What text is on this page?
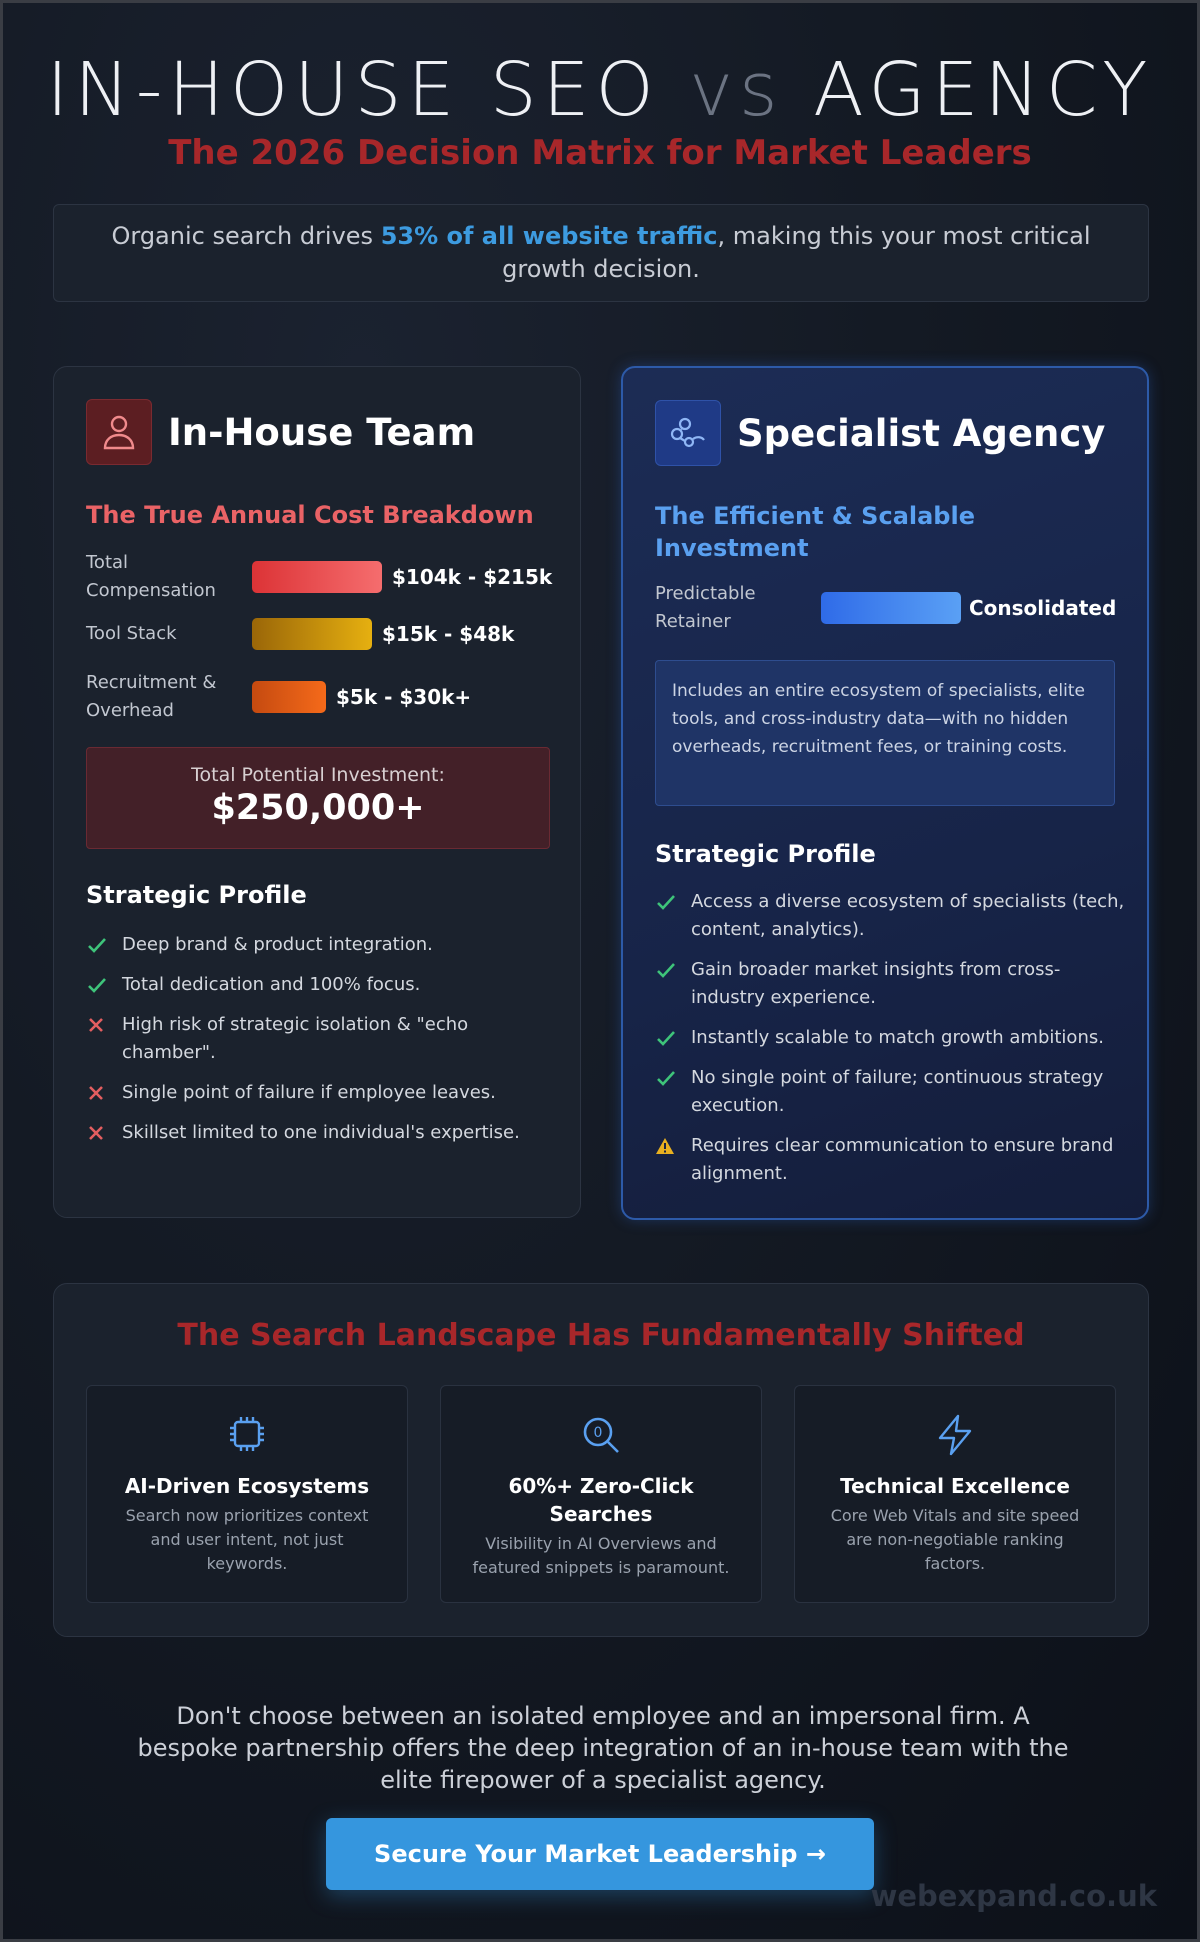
IN-HOUSE SEO vs AGENCY
The 2026 Decision Matrix for Market Leaders

Organic search drives 53% of all website traffic, making this your most critical growth decision.

In-House Team
The True Annual Cost Breakdown
Total Compensation
$104k - $215k
Tool Stack	$15k - $48k
Recruitment & Overhead
$5k - $30k+
Total Potential Investment:
$250,000+
Strategic Profile
Deep brand & product integration.
Total dedication and 100% focus.
High risk of strategic isolation & "echo chamber".
Single point of failure if employee leaves.
Skillset limited to one individual's expertise.
Specialist Agency
The Efficient & Scalable Investment
Predictable Retainer
Consolidated
Includes an entire ecosystem of specialists, elite tools, and cross-industry data—with no hidden overheads, recruitment fees, or training costs.
Strategic Profile
Access a diverse ecosystem of specialists (tech, content, analytics).
Gain broader market insights from cross-industry experience.
Instantly scalable to match growth ambitions.
No single point of failure; continuous strategy execution.
Requires clear communication to ensure brand alignment.
The Search Landscape Has Fundamentally Shifted
AI-Driven Ecosystems
Search now prioritizes context and user intent, not just keywords.
0
60%+ Zero-Click Searches
Visibility in AI Overviews and featured snippets is paramount.
Technical Excellence
Core Web Vitals and site speed are non-negotiable ranking factors.

Don't choose between an isolated employee and an impersonal firm. A bespoke partnership offers the deep integration of an in-house team with the elite firepower of a specialist agency.

Secure Your Market Leadership →
webexpand.co.uk
